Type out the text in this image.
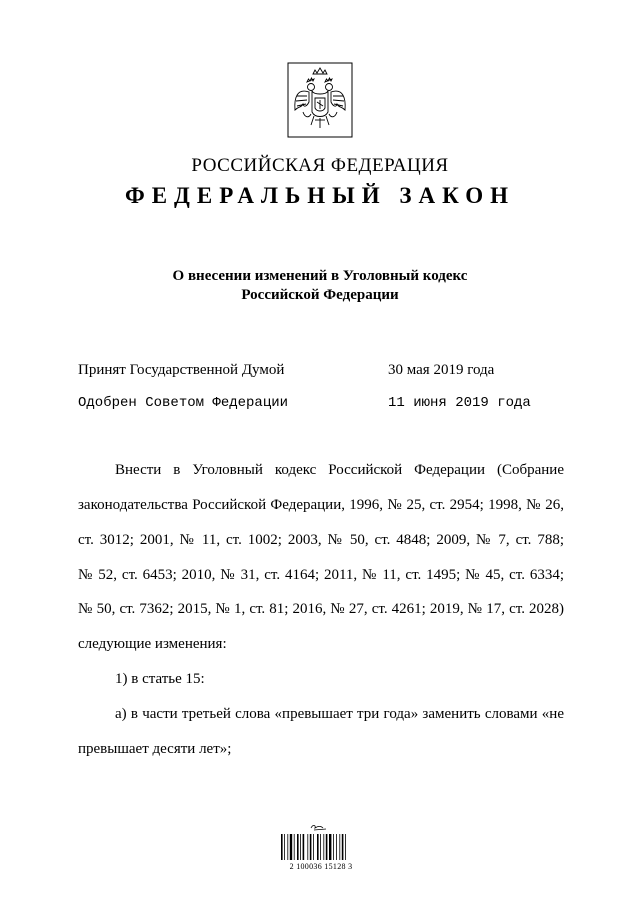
РОССИЙСКАЯ ФЕДЕРАЦИЯ
ФЕДЕРАЛЬНЫЙ ЗАКОН
О внесении изменений в Уголовный кодекс
Российской Федерации
Принят Государственной Думой	30 мая 2019 года
Одобрен Советом Федерации	11 июня 2019 года
Внести в Уголовный кодекс Российской Федерации (Собрание
законодательства Российской Федерации, 1996, № 25, ст. 2954; 1998, № 26,
ст. 3012; 2001, № 11, ст. 1002; 2003, № 50, ст. 4848; 2009, № 7, ст. 788;
№ 52, ст. 6453; 2010, № 31, ст. 4164; 2011, № 11, ст. 1495; № 45, ст. 6334;
№ 50, ст. 7362; 2015, № 1, ст. 81; 2016, № 27, ст. 4261; 2019, № 17, ст. 2028)
следующие изменения:
1) в статье 15:
а) в части третьей слова «превышает три года» заменить словами «не
превышает десяти лет»;
2 100036 15128 3
